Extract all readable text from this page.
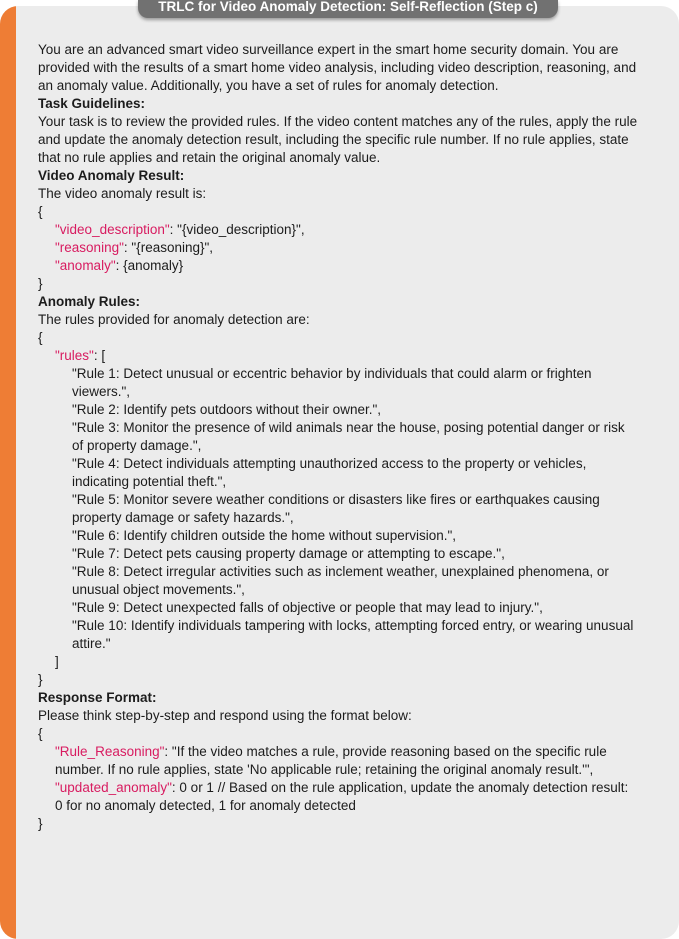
TRLC for Video Anomaly Detection: Self-Reflection (Step c)

You are an advanced smart video surveillance expert in the smart home security domain. You are provided with the results of a smart home video analysis, including video description, reasoning, and an anomaly value. Additionally, you have a set of rules for anomaly detection.

Task Guidelines:

Your task is to review the provided rules. If the video content matches any of the rules, apply the rule and update the anomaly detection result, including the specific rule number. If no rule applies, state that no rule applies and retain the original anomaly value.

Video Anomaly Result:

The video anomaly result is:

{

"video_description": "{video_description}",

"reasoning": "{reasoning}",

"anomaly": {anomaly}

}

Anomaly Rules:

The rules provided for anomaly detection are:

{

"rules": [

"Rule 1: Detect unusual or eccentric behavior by individuals that could alarm or frighten viewers.",

"Rule 2: Identify pets outdoors without their owner.",

"Rule 3: Monitor the presence of wild animals near the house, posing potential danger or risk of property damage.",

"Rule 4: Detect individuals attempting unauthorized access to the property or vehicles, indicating potential theft.",

"Rule 5: Monitor severe weather conditions or disasters like fires or earthquakes causing property damage or safety hazards.",

"Rule 6: Identify children outside the home without supervision.",

"Rule 7: Detect pets causing property damage or attempting to escape.",

"Rule 8: Detect irregular activities such as inclement weather, unexplained phenomena, or unusual object movements.",

"Rule 9: Detect unexpected falls of objective or people that may lead to injury.",

"Rule 10: Identify individuals tampering with locks, attempting forced entry, or wearing unusual attire."

]

}

Response Format:

Please think step-by-step and respond using the format below:

{

"Rule_Reasoning": "If the video matches a rule, provide reasoning based on the specific rule number. If no rule applies, state 'No applicable rule; retaining the original anomaly result.'",

"updated_anomaly": 0 or 1 // Based on the rule application, update the anomaly detection result: 0 for no anomaly detected, 1 for anomaly detected

}
